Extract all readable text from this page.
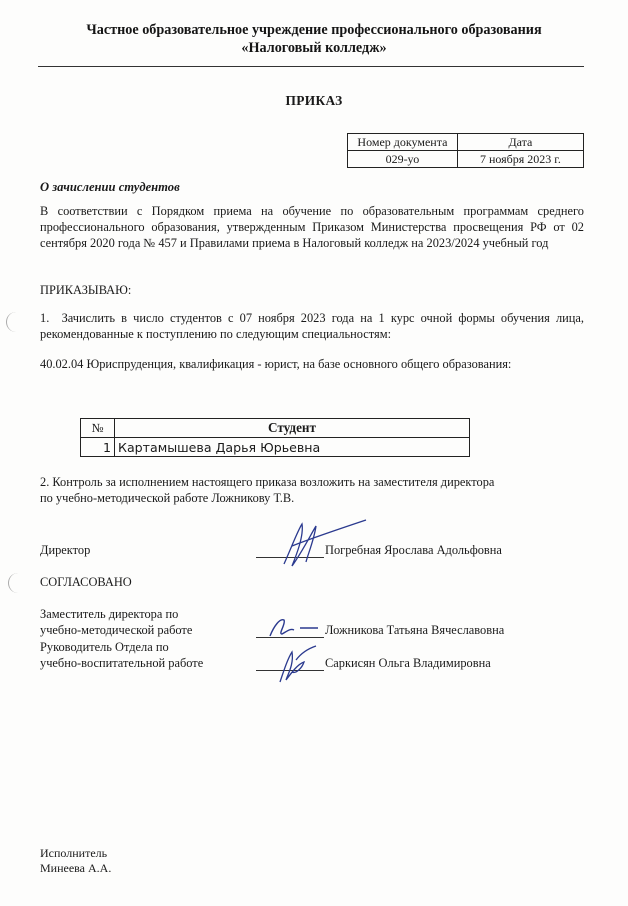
Частное образовательное учреждение профессионального образования
«Налоговый колледж»
ПРИКАЗ
Номер документа	Дата
029-уо	7 ноября 2023 г.
О зачислении студентов
В соответствии с Порядком приема на обучение по образовательным программам среднего профессионального образования, утвержденным Приказом Министерства просвещения РФ от 02 сентября 2020 года № 457 и Правилами приема в Налоговый колледж на 2023/2024 учебный год
ПРИКАЗЫВАЮ:
1. Зачислить в число студентов с 07 ноября 2023 года на 1 курс очной формы обучения лица, рекомендованные к поступлению по следующим специальностям:
40.02.04 Юриспруденция, квалификация - юрист, на базе основного общего образования:
№	Студент
1	Картамышева Дарья Юрьевна
2. Контроль за исполнением настоящего приказа возложить на заместителя директора
по учебно-методической работе Ложникову Т.В.
Директор	Погребная Ярослава Адольфовна
СОГЛАСОВАНО
Заместитель директора по
учебно-методической работе	Ложникова Татьяна Вячеславовна
Руководитель Отдела по
учебно-воспитательной работе	Саркисян Ольга Владимировна
Исполнитель
Минеева А.А.
